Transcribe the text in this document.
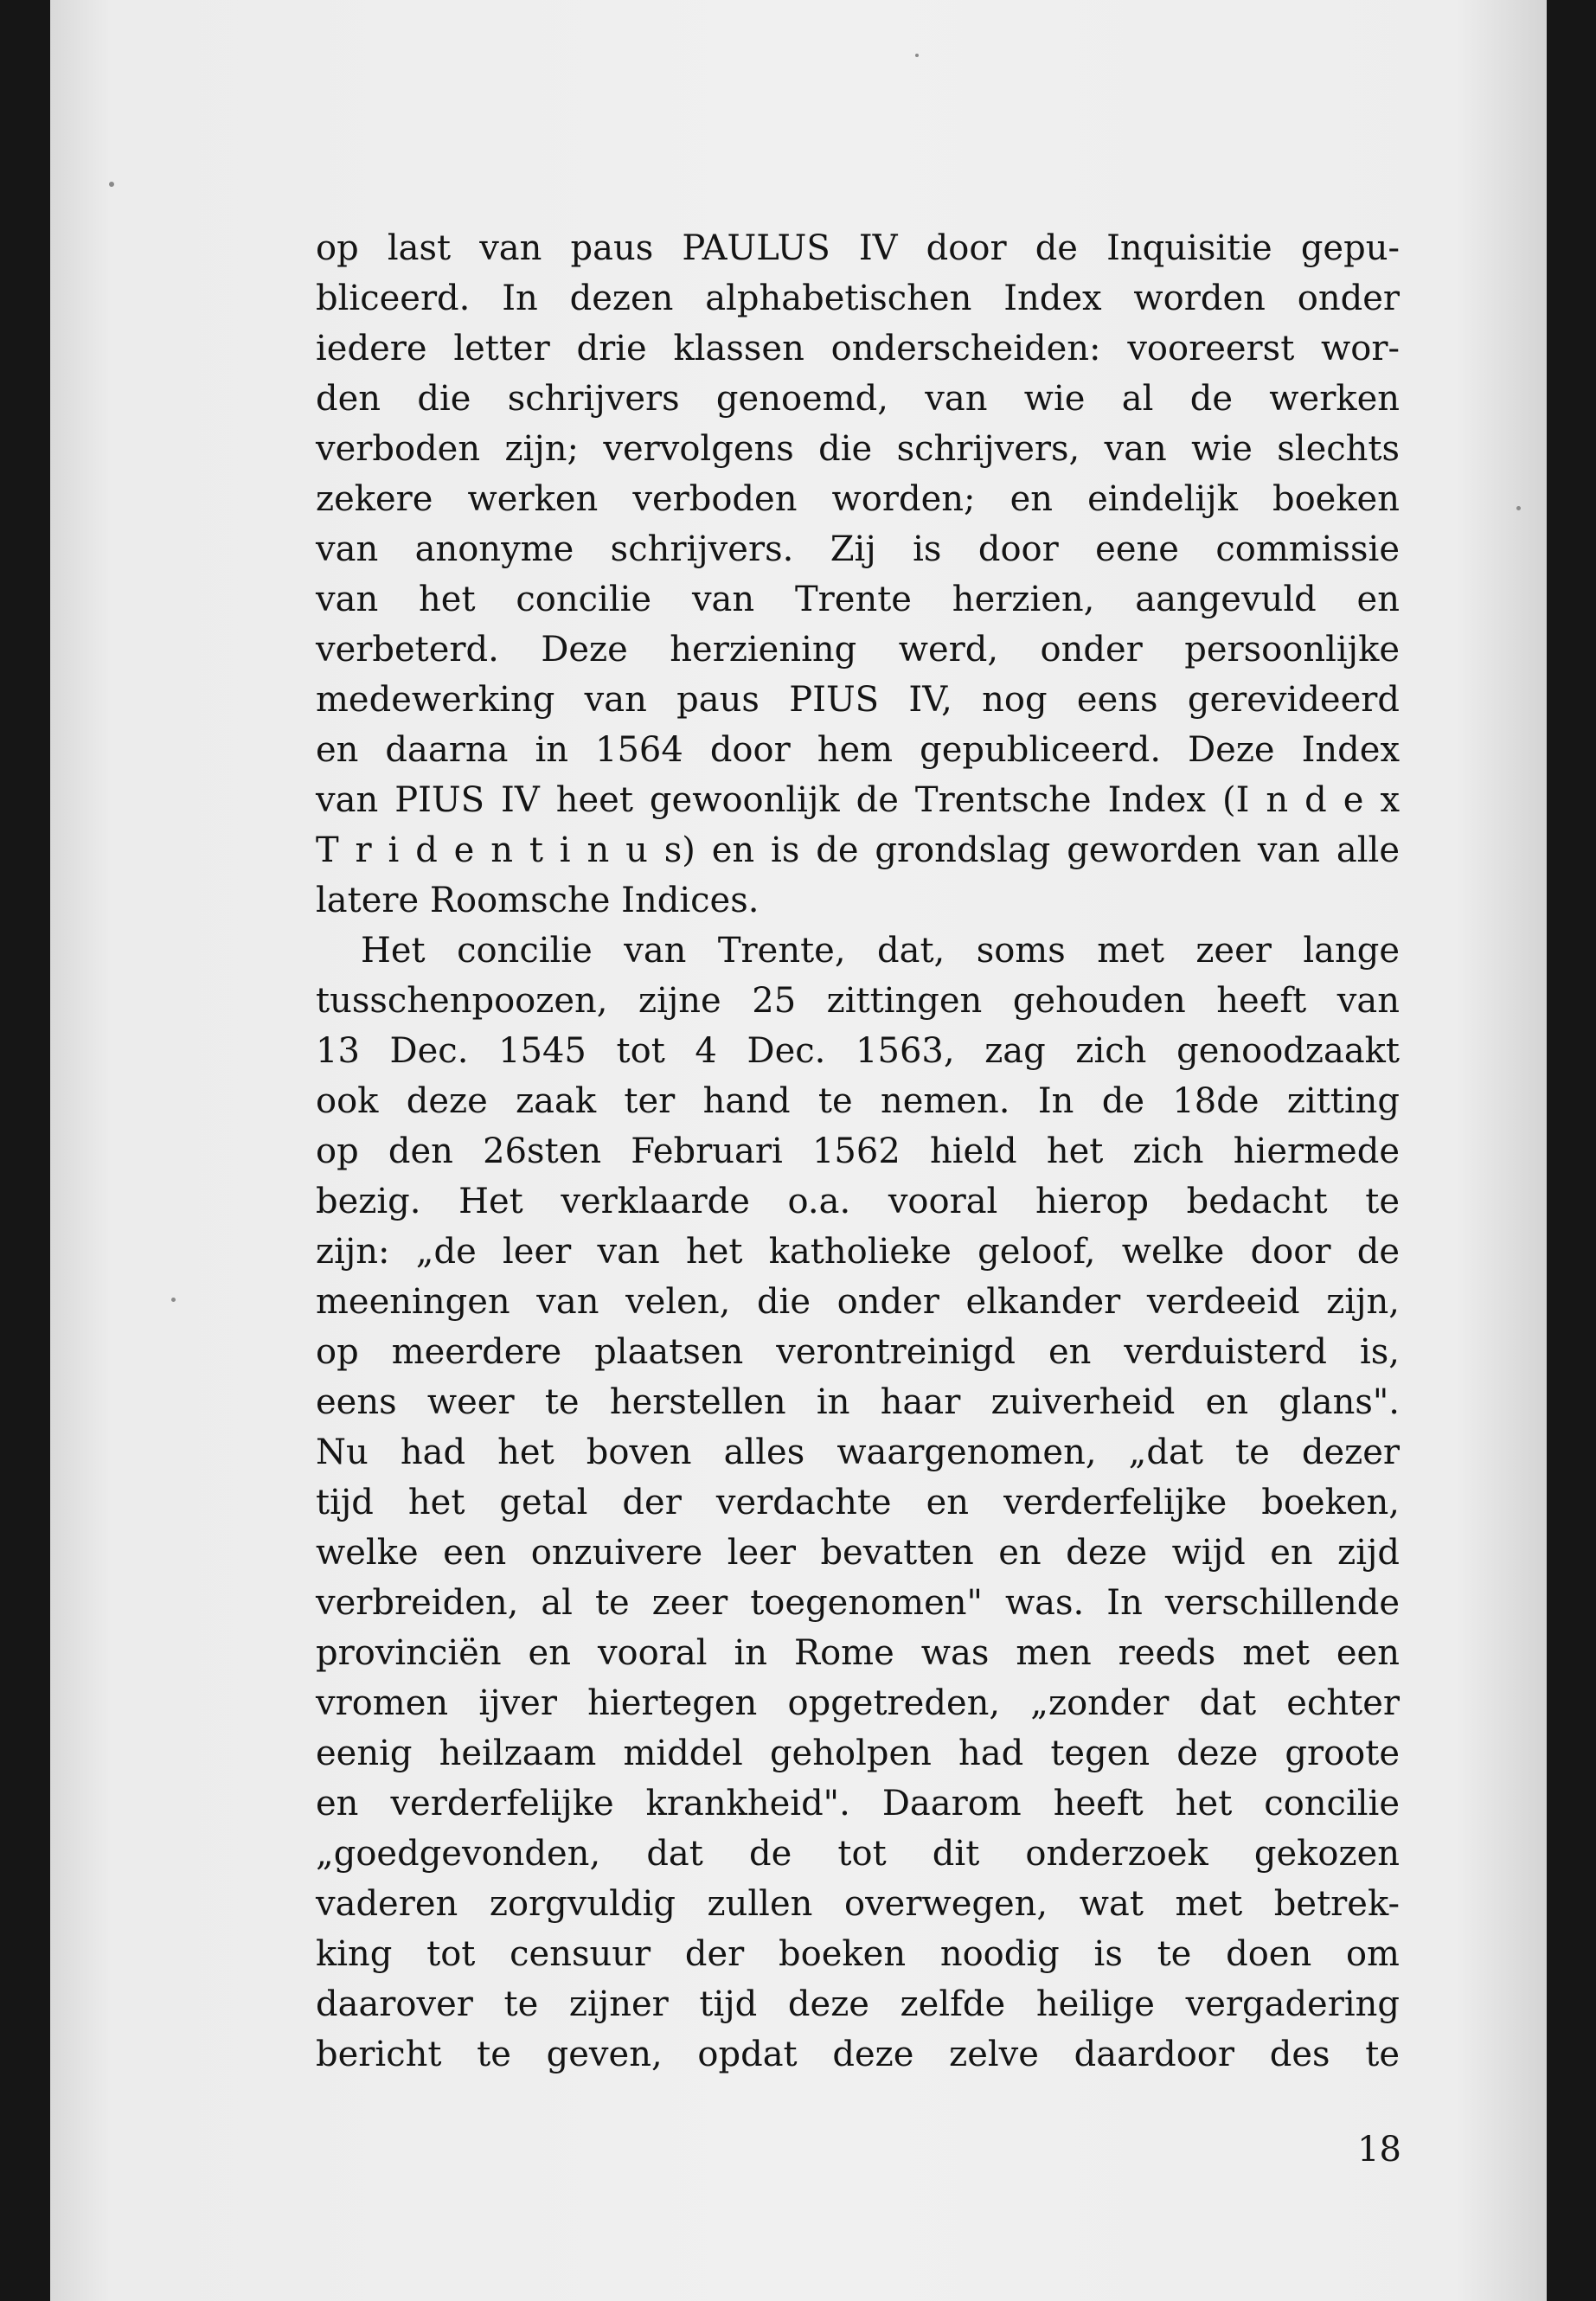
op last van paus PAULUS IV door de Inquisitie gepu-
bliceerd. In dezen alphabetischen Index worden onder
iedere letter drie klassen onderscheiden: vooreerst wor-
den die schrijvers genoemd, van wie al de werken
verboden zijn; vervolgens die schrijvers, van wie slechts
zekere werken verboden worden; en eindelijk boeken
van anonyme schrijvers. Zij is door eene commissie
van het concilie van Trente herzien, aangevuld en
verbeterd. Deze herziening werd, onder persoonlijke
medewerking van paus PIUS IV, nog eens gerevideerd
en daarna in 1564 door hem gepubliceerd. Deze Index
van PIUS IV heet gewoonlijk de Trentsche Index (I n d e x
T r i d e n t i n u s) en is de grondslag geworden van alle
latere Roomsche Indices.
Het concilie van Trente, dat, soms met zeer lange
tusschenpoozen, zijne 25 zittingen gehouden heeft van
13 Dec. 1545 tot 4 Dec. 1563, zag zich genoodzaakt
ook deze zaak ter hand te nemen. In de 18de zitting
op den 26sten Februari 1562 hield het zich hiermede
bezig. Het verklaarde o.a. vooral hierop bedacht te
zijn: „de leer van het katholieke geloof, welke door de
meeningen van velen, die onder elkander verdeeid zijn,
op meerdere plaatsen verontreinigd en verduisterd is,
eens weer te herstellen in haar zuiverheid en glans".
Nu had het boven alles waargenomen, „dat te dezer
tijd het getal der verdachte en verderfelijke boeken,
welke een onzuivere leer bevatten en deze wijd en zijd
verbreiden, al te zeer toegenomen" was. In verschillende
provinciën en vooral in Rome was men reeds met een
vromen ijver hiertegen opgetreden, „zonder dat echter
eenig heilzaam middel geholpen had tegen deze groote
en verderfelijke krankheid". Daarom heeft het concilie
„goedgevonden, dat de tot dit onderzoek gekozen
vaderen zorgvuldig zullen overwegen, wat met betrek-
king tot censuur der boeken noodig is te doen om
daarover te zijner tijd deze zelfde heilige vergadering
bericht te geven, opdat deze zelve daardoor des te
18
